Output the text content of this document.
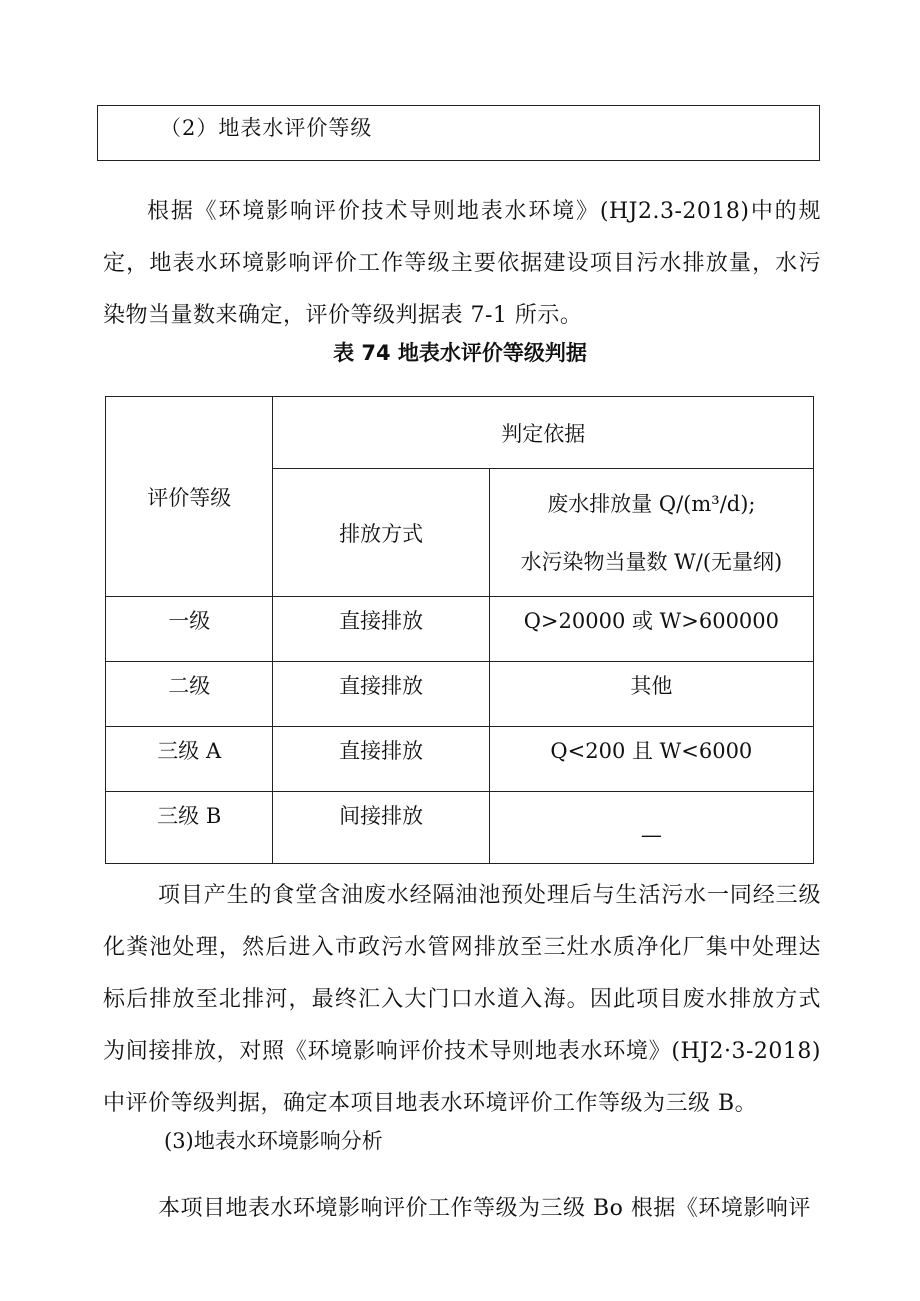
（2）地表水评价等级

根据《环境影响评价技术导则地表水环境》(HJ2.3-2018)中的规定，地表水环境影响评价工作等级主要依据建设项目污水排放量，水污染物当量数来确定，评价等级判据表 7-1 所示。

表 74 地表水评价等级判据
评价等级	判定依据	
	排放方式	废水排放量 Q/(m³/d);
水污染物当量数 W/(无量纲)

一级	直接排放	Q>20000 或 W>600000

二级	直接排放	其他

三级 A	直接排放	Q<200 且 W<6000

三级 B	间接排放	—

项目产生的食堂含油废水经隔油池预处理后与生活污水一同经三级化粪池处理，然后进入市政污水管网排放至三灶水质净化厂集中处理达标后排放至北排河，最终汇入大门口水道入海。因此项目废水排放方式为间接排放，对照《环境影响评价技术导则地表水环境》(HJ2·3-2018)中评价等级判据，确定本项目地表水环境评价工作等级为三级 B。

(3)地表水环境影响分析

本项目地表水环境影响评价工作等级为三级 Bo 根据《环境影响评
